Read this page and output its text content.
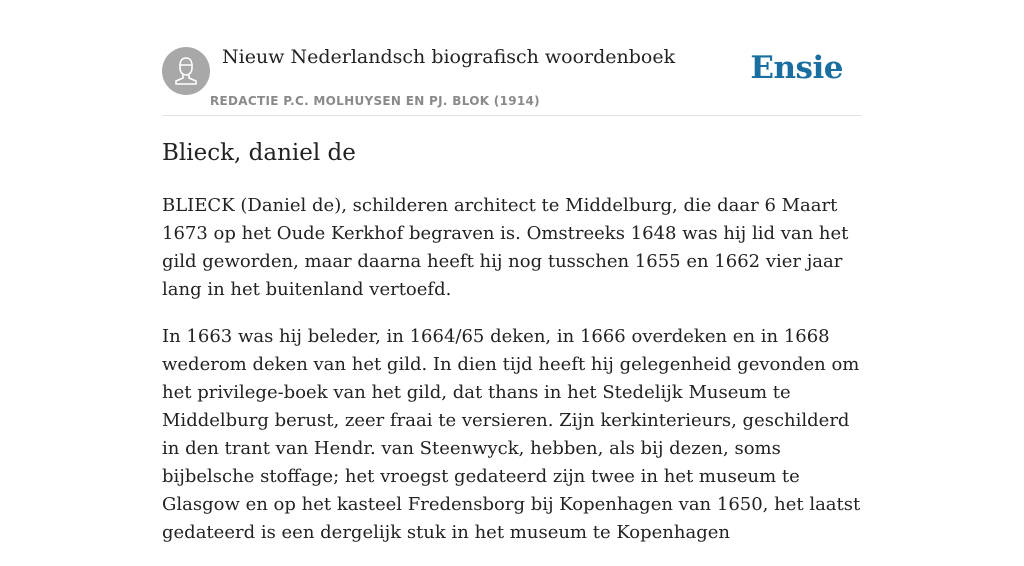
Nieuw Nederlandsch biografisch woordenboek
REDACTIE P.C. MOLHUYSEN EN PJ. BLOK (1914)
Ensie
Blieck, daniel de

BLIECK (Daniel de), schilderen architect te Middelburg, die daar 6 Maart 1673 op het Oude Kerkhof begraven is. Omstreeks 1648 was hij lid van het gild geworden, maar daarna heeft hij nog tusschen 1655 en 1662 vier jaar lang in het buitenland vertoefd.

In 1663 was hij beleder, in 1664/65 deken, in 1666 overdeken en in 1668 wederom deken van het gild. In dien tijd heeft hij gelegenheid gevonden om het privilege-boek van het gild, dat thans in het Stedelijk Museum te Middelburg berust, zeer fraai te versieren. Zijn kerkinterieurs, geschilderd in den trant van Hendr. van Steenwyck, hebben, als bij dezen, soms bijbelsche stoffage; het vroegst gedateerd zijn twee in het museum te Glasgow en op het kasteel Fredensborg bij Kopenhagen van 1650, het laatst gedateerd is een dergelijk stuk in het museum te Kopenhagen
